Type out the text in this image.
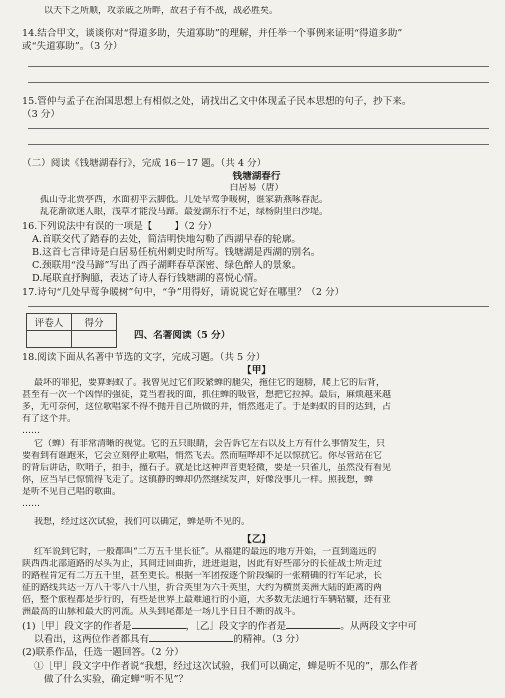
以天下之所顺，攻亲戚之所畔，故君子有不战，战必胜矣。
14.结合甲文，谈谈你对“得道多助，失道寡助”的理解，并任举一个事例来证明“得道多助”
或“失道寡助”。（3 分）
15.管仲与孟子在治国思想上有相似之处，请找出乙文中体现孟子民本思想的句子，抄下来。
（3 分）
（二）阅读《钱塘湖春行》，完成 16－17 题。（共 4 分）
钱塘湖春行
白居易（唐）
孤山寺北贾亭西，水面初平云脚低。几处早莺争暖树，谁家新燕啄春泥。
乱花渐欲迷人眼，浅草才能没马蹄。最爱湖东行不足，绿杨阴里白沙堤。
16.下列说法中有误的一项是【 】（2 分）
A.首联交代了踏春的去处，简洁明快地勾勒了西湖早春的轮廓。
B.这首七言律诗是白居易任杭州刺史时所写。钱塘湖是西湖的别名。
C.颈联用“没马蹄”写出了西子湖畔春草深密、绿色醉人的景象。
D.尾联直抒胸臆，表达了诗人春行钱塘湖的喜悦心情。
17.诗句“几处早莺争暖树”句中，“争”用得好，请说说它好在哪里？（2 分）
评卷人	得分

四、名著阅读（5 分）
18.阅读下面从名著中节选的文字，完成习题。（共 5 分）
【甲】
最坏的罪犯，要算蚂蚁了。我曾见过它们咬紧蝉的腿尖，拖住它的翅膀，爬上它的后背，
甚至有一次一个凶悍的强徒，竟当着我的面，抓住蝉的吸管，想把它拉掉。最后，麻烦越来越
多，无可奈何，这位歌唱家不得不抛开自己所做的井，悄然逃走了。于是蚂蚁的目的达到，占
有了这个井。
……
它（蝉）有非常清晰的视觉。它的五只眼睛，会告诉它左右以及上方有什么事情发生，只
要看到有谁跑来，它会立刻停止歌唱，悄然飞去。然而喧哗却不足以惊扰它。你尽管站在它
的背后讲话，吹哨子，拍手，撞石子。就是比这种声音更轻微，要是一只雀儿，虽然没有看见
你，应当早已惊慌得飞走了。这镇静的蝉却仍然继续发声，好像没事儿一样。照我想，蝉
是听不见自己唱的歌曲。
……
我想，经过这次试验，我们可以确定，蝉是听不见的。
【乙】
红军说到它时，一般都叫“二万五千里长征”。从福建的最远的地方开始，一直到遥远的
陕西西北部道路的尽头为止，其间迂回曲折，进进退退，因此有好些部分的长征战士所走过
的路程肯定有二万五千里，甚至更长。根据一军团按逐个阶段编的一张精确的行军记录，长
征的路线共达一万八千零八十八里，折合英里为六千英里，大约为横贯美洲大陆的距离的两
倍，整个旅程都是步行的，有些是世界上最难通行的小道，大多数无法通行车辆轱辘，还有亚
洲最高的山脉和最大的河流。从头到尾都是一场几乎日日不断的战斗。
(1)［甲］段文字的作者是	，［乙］段文字的作者是	。从两段文字中可
以看出，这两位作者都具有	的精神。（3 分）
(2)联系作品，任选一题回答。（2 分）
①［甲］段文字中作者说“我想，经过这次试验，我们可以确定，蝉是听不见的”，那么作者
做了什么实验，确定蝉“听不见”？
